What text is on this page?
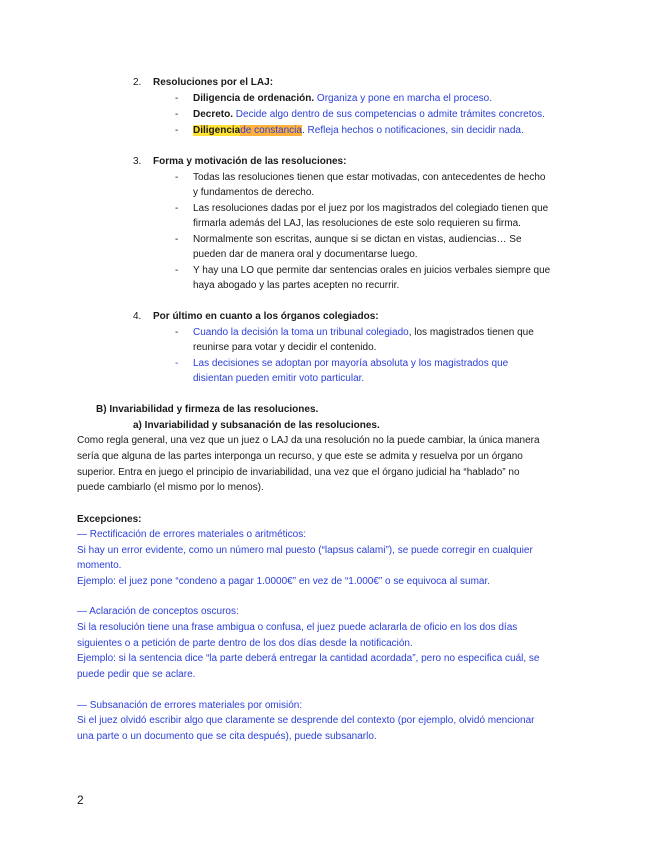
2. Resoluciones por el LAJ:
- Diligencia de ordenación. Organiza y pone en marcha el proceso.
- Decreto. Decide algo dentro de sus competencias o admite trámites concretos.
- Diligenciade constancia. Refleja hechos o notificaciones, sin decidir nada.
3. Forma y motivación de las resoluciones:
- Todas las resoluciones tienen que estar motivadas, con antecedentes de hecho
y fundamentos de derecho.
- Las resoluciones dadas por el juez por los magistrados del colegiado tienen que
firmarla además del LAJ, las resoluciones de este solo requieren su firma.
- Normalmente son escritas, aunque si se dictan en vistas, audiencias… Se
pueden dar de manera oral y documentarse luego.
- Y hay una LO que permite dar sentencias orales en juicios verbales siempre que
haya abogado y las partes acepten no recurrir.
4. Por último en cuanto a los órganos colegiados:
- Cuando la decisión la toma un tribunal colegiado, los magistrados tienen que
reunirse para votar y decidir el contenido.
- Las decisiones se adoptan por mayoría absoluta y los magistrados que
disientan pueden emitir voto particular.
B) Invariabilidad y firmeza de las resoluciones.
a) Invariabilidad y subsanación de las resoluciones.
Como regla general, una vez que un juez o LAJ da una resolución no la puede cambiar, la única manera
sería que alguna de las partes interponga un recurso, y que este se admita y resuelva por un órgano
superior. Entra en juego el principio de invariabilidad, una vez que el órgano judicial ha “hablado” no
puede cambiarlo (el mismo por lo menos).
Excepciones:
— Rectificación de errores materiales o aritméticos:
Si hay un error evidente, como un número mal puesto (“lapsus calami”), se puede corregir en cualquier
momento.
Ejemplo: el juez pone “condeno a pagar 1.0000€” en vez de “1.000€” o se equivoca al sumar.
— Aclaración de conceptos oscuros:
Si la resolución tiene una frase ambigua o confusa, el juez puede aclararla de oficio en los dos días
siguientes o a petición de parte dentro de los dos días desde la notificación.
Ejemplo: si la sentencia dice “la parte deberá entregar la cantidad acordada”, pero no especifica cuál, se
puede pedir que se aclare.
— Subsanación de errores materiales por omisión:
Si el juez olvidó escribir algo que claramente se desprende del contexto (por ejemplo, olvidó mencionar
una parte o un documento que se cita después), puede subsanarlo.
2
